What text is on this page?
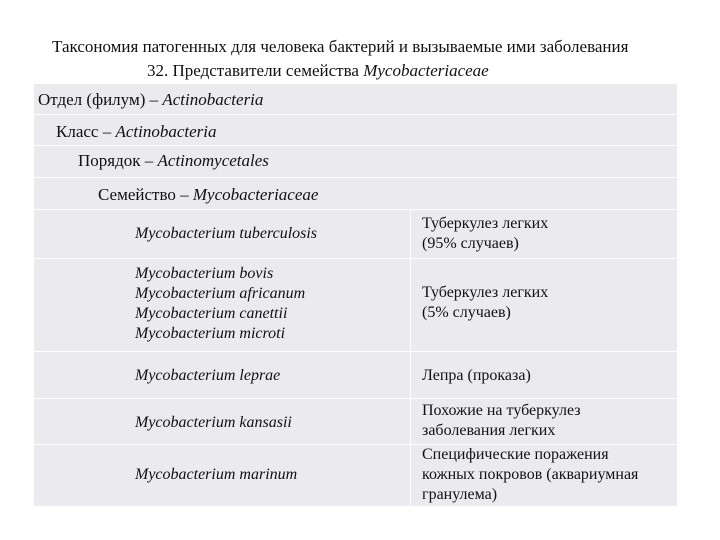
Таксономия патогенных для человека бактерий и вызываемые ими заболевания
32. Представители семейства Mycobacteriaceae
Отдел (филум) – Actinobacteria
Класс – Actinobacteria
Порядок – Actinomycetales
Семейство – Mycobacteriaceae
Mycobacterium tuberculosis
Туберкулез легких
(95% случаев)
Mycobacterium bovis
Mycobacterium africanum
Mycobacterium canettii
Mycobacterium microti
Туберкулез легких
(5% случаев)
Mycobacterium leprae	Лепра (проказа)
Mycobacterium kansasii
Похожие на туберкулез
заболевания легких
Mycobacterium marinum
Специфические поражения
кожных покровов (аквариумная
гранулема)
